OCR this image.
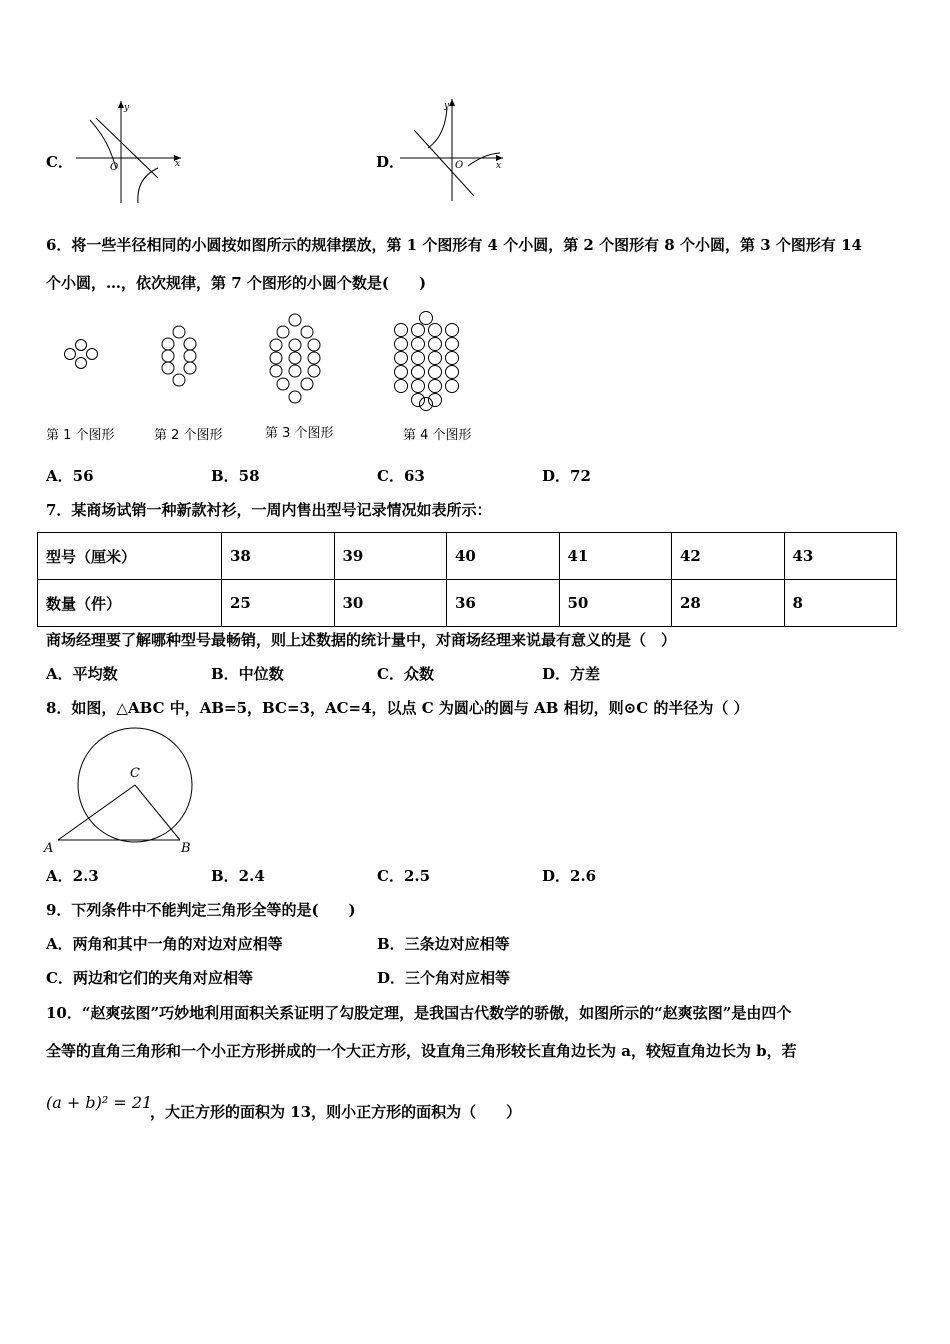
C．
y
x
O	D．
y
x
O
6．将一些半径相同的小圆按如图所示的规律摆放，第 1 个图形有 4 个小圆，第 2 个图形有 8 个小圆，第 3 个图形有 14
个小圆，…，依次规律，第 7 个图形的小圆个数是(　　)
第 1 个图形	第 2 个图形	第 3 个图形	第 4 个图形
A．56	B．58	C．63	D．72
7．某商场试销一种新款衬衫，一周内售出型号记录情况如表所示：
型号（厘米）	38	39	40	41	42	43
数量（件）	25	30	36	50	28	8
商场经理要了解哪种型号最畅销，则上述数据的统计量中，对商场经理来说最有意义的是（　）
A．平均数	B．中位数	C．众数	D．方差
8．如图，△ABC 中，AB=5，BC=3，AC=4，以点 C 为圆心的圆与 AB 相切，则⊙C 的半径为（ ）
C
A	B
A．2.3	B．2.4	C．2.5	D．2.6
9．下列条件中不能判定三角形全等的是(　　)
A．两角和其中一角的对边对应相等	B．三条边对应相等
C．两边和它们的夹角对应相等	D．三个角对应相等
10．“赵爽弦图”巧妙地利用面积关系证明了勾股定理，是我国古代数学的骄傲，如图所示的“赵爽弦图”是由四个
全等的直角三角形和一个小正方形拼成的一个大正方形，设直角三角形较长直角边长为 a，较短直角边长为 b，若
(a + b)² = 21
，大正方形的面积为 13，则小正方形的面积为（　　）
